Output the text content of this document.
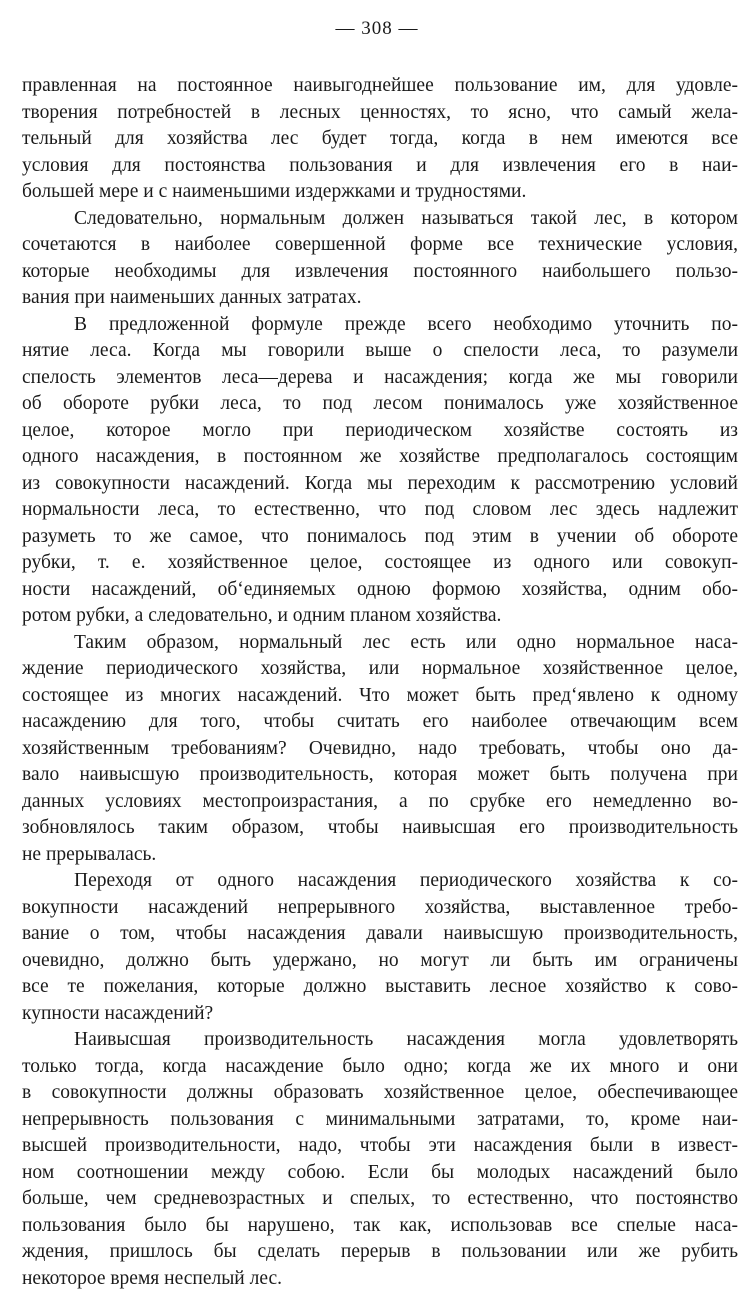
— 308 —
правленная на постоянное наивыгоднейшее пользование им, для удовле-
творения потребностей в лесных ценностях, то ясно, что самый жела-
тельный для хозяйства лес будет тогда, когда в нем имеются все
условия для постоянства пользования и для извлечения его в наи-
большей мере и с наименьшими издержками и трудностями.
Следовательно, нормальным должен называться такой лес, в котором
сочетаются в наиболее совершенной форме все технические условия,
которые необходимы для извлечения постоянного наибольшего пользо-
вания при наименьших данных затратах.
В предложенной формуле прежде всего необходимо уточнить по-
нятие леса. Когда мы говорили выше о спелости леса, то разумели
спелость элементов леса—дерева и насаждения; когда же мы говорили
об обороте рубки леса, то под лесом понималось уже хозяйственное
целое, которое могло при периодическом хозяйстве состоять из
одного насаждения, в постоянном же хозяйстве предполагалось состоящим
из совокупности насаждений. Когда мы переходим к рассмотрению условий
нормальности леса, то естественно, что под словом лес здесь надлежит
разуметь то же самое, что понималось под этим в учении об обороте
рубки, т. е. хозяйственное целое, состоящее из одного или совокуп-
ности насаждений, об‘единяемых одною формою хозяйства, одним обо-
ротом рубки, а следовательно, и одним планом хозяйства.
Таким образом, нормальный лес есть или одно нормальное наса-
ждение периодического хозяйства, или нормальное хозяйственное целое,
состоящее из многих насаждений. Что может быть пред‘явлено к одному
насаждению для того, чтобы считать его наиболее отвечающим всем
хозяйственным требованиям? Очевидно, надо требовать, чтобы оно да-
вало наивысшую производительность, которая может быть получена при
данных условиях местопроизрастания, а по срубке его немедленно во-
зобновлялось таким образом, чтобы наивысшая его производительность
не прерывалась.
Переходя от одного насаждения периодического хозяйства к со-
вокупности насаждений непрерывного хозяйства, выставленное требо-
вание о том, чтобы насаждения давали наивысшую производительность,
очевидно, должно быть удержано, но могут ли быть им ограничены
все те пожелания, которые должно выставить лесное хозяйство к сово-
купности насаждений?
Наивысшая производительность насаждения могла удовлетворять
только тогда, когда насаждение было одно; когда же их много и они
в совокупности должны образовать хозяйственное целое, обеспечивающее
непрерывность пользования с минимальными затратами, то, кроме наи-
высшей производительности, надо, чтобы эти насаждения были в извест-
ном соотношении между собою. Если бы молодых насаждений было
больше, чем средневозрастных и спелых, то естественно, что постоянство
пользования было бы нарушено, так как, использовав все спелые наса-
ждения, пришлось бы сделать перерыв в пользовании или же рубить
некоторое время неспелый лес.
